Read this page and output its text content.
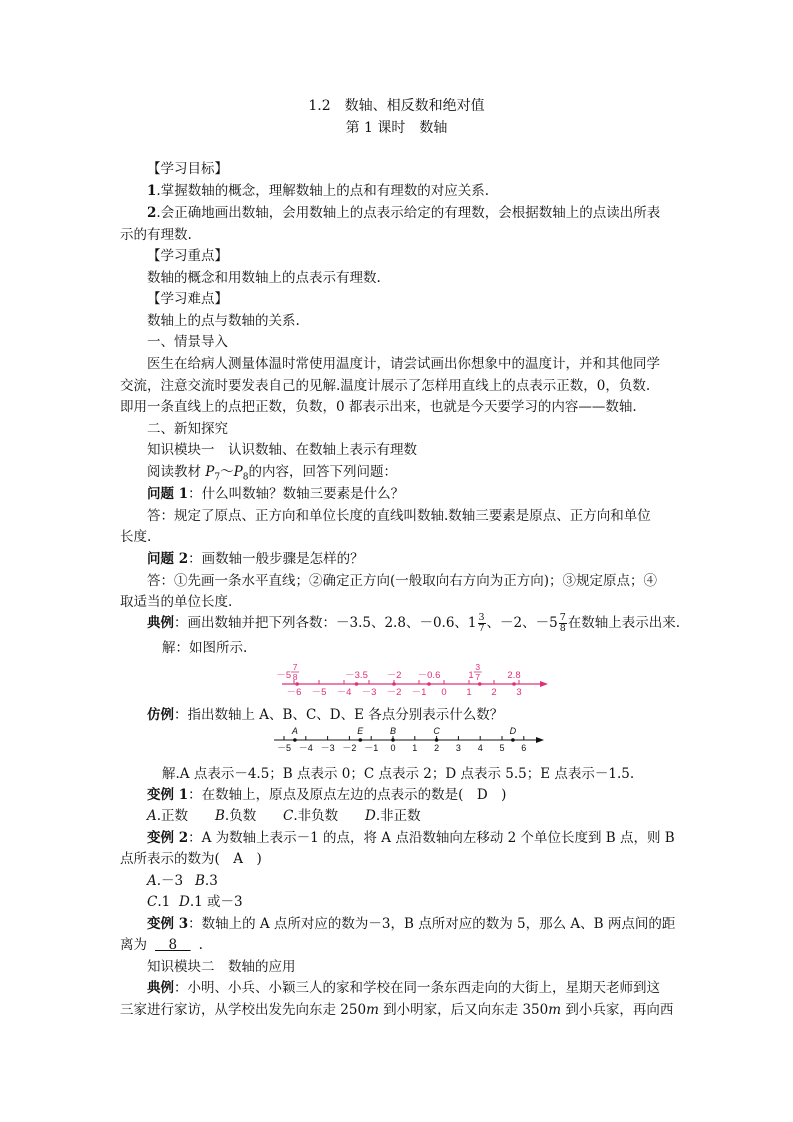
1.2　数轴、相反数和绝对值
第 1 课时　数轴
【学习目标】
1.掌握数轴的概念，理解数轴上的点和有理数的对应关系.
2.会正确地画出数轴，会用数轴上的点表示给定的有理数，会根据数轴上的点读出所表
示的有理数.
【学习重点】
数轴的概念和用数轴上的点表示有理数.
【学习难点】
数轴上的点与数轴的关系.
一、情景导入
医生在给病人测量体温时常使用温度计，请尝试画出你想象中的温度计，并和其他同学
交流，注意交流时要发表自己的见解.温度计展示了怎样用直线上的点表示正数，0，负数.
即用一条直线上的点把正数，负数，0 都表示出来，也就是今天要学习的内容——数轴.
二、新知探究
知识模块一　认识数轴、在数轴上表示有理数
阅读教材 $P_7\sim P_8$的内容，回答下列问题：
问题 1：什么叫数轴？数轴三要素是什么？
答：规定了原点、正方向和单位长度的直线叫数轴.数轴三要素是原点、正方向和单位
长度.
问题 2：画数轴一般步骤是怎样的？
答：①先画一条水平直线；②确定正方向(一般取向右方向为正方向)；③规定原点；④
取适当的单位长度.
典例：画出数轴并把下列各数：－3.5、2.8、－0.6、$1 \frac{3}{7}$ 、－2、$-5 \frac{7}{8}$ 在数轴上表示出来.
解：如图所示.
－6 －5 －4 －3 －2 －1 0 1 2 3
－5
7
8	－3.5 －2 －0.6	1
3
7	2.8
仿例：指出数轴上 A、B、C、D、E 各点分别表示什么数？
－5 －4 －3 －2 －1 0 1 2 3 4 5 6
A	E	B	C	D
解.A 点表示－4.5；B 点表示 0；C 点表示 2；D 点表示 5.5；E 点表示－1.5.
变例 1：在数轴上，原点及原点左边的点表示的数是(　D　)
A.正数 B.负数 C.非负数 D.非正数
变例 2：A 为数轴上表示－1 的点，将 A 点沿数轴向左移动 2 个单位长度到 B 点，则 B
点所表示的数为(　A　)
A.－3 B.3
C.1 D.1 或－3
变例 3：数轴上的 A 点所对应的数为－3，B 点所对应的数为 5，那么 A、B 两点间的距
离为　8　.
知识模块二　数轴的应用
典例：小明、小兵、小颖三人的家和学校在同一条东西走向的大街上，星期天老师到这
三家进行家访，从学校出发先向东走 250m 到小明家，后又向东走 350m 到小兵家，再向西
